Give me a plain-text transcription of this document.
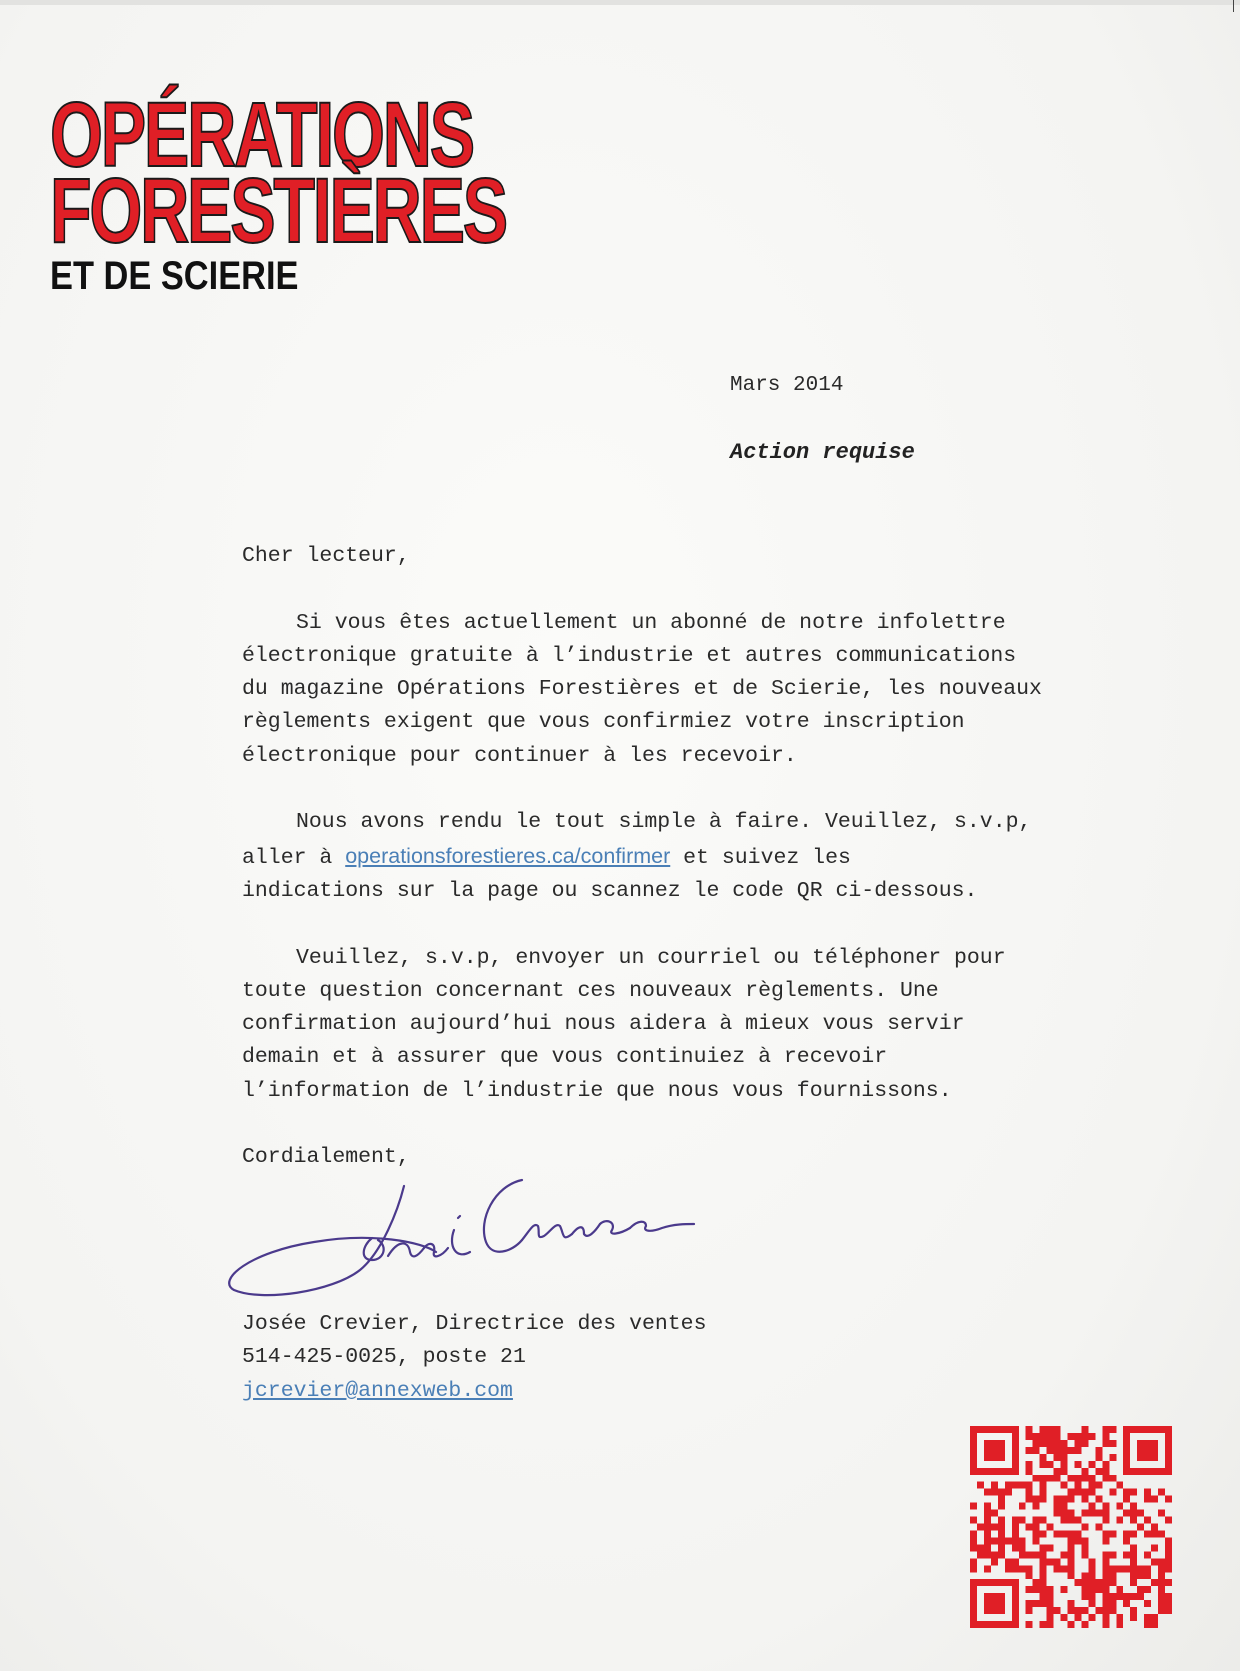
OPÉRATIONS
FORESTIÈRES
ET DE SCIERIE
Mars 2014
Action requise

Cher lecteur,

Si vous êtes actuellement un abonné de notre infolettre
électronique gratuite à l’industrie et autres communications
du magazine Opérations Forestières et de Scierie, les nouveaux
règlements exigent que vous confirmiez votre inscription
électronique pour continuer à les recevoir.

Nous avons rendu le tout simple à faire. Veuillez, s.v.p,
aller à operationsforestieres.ca/confirmer et suivez les
indications sur la page ou scannez le code QR ci-dessous.

Veuillez, s.v.p, envoyer un courriel ou téléphoner pour
toute question concernant ces nouveaux règlements. Une
confirmation aujourd’hui nous aidera à mieux vous servir
demain et à assurer que vous continuiez à recevoir
l’information de l’industrie que nous vous fournissons.

Cordialement,

Josée Crevier, Directrice des ventes
514-425-0025, poste 21
jcrevier@annexweb.com
